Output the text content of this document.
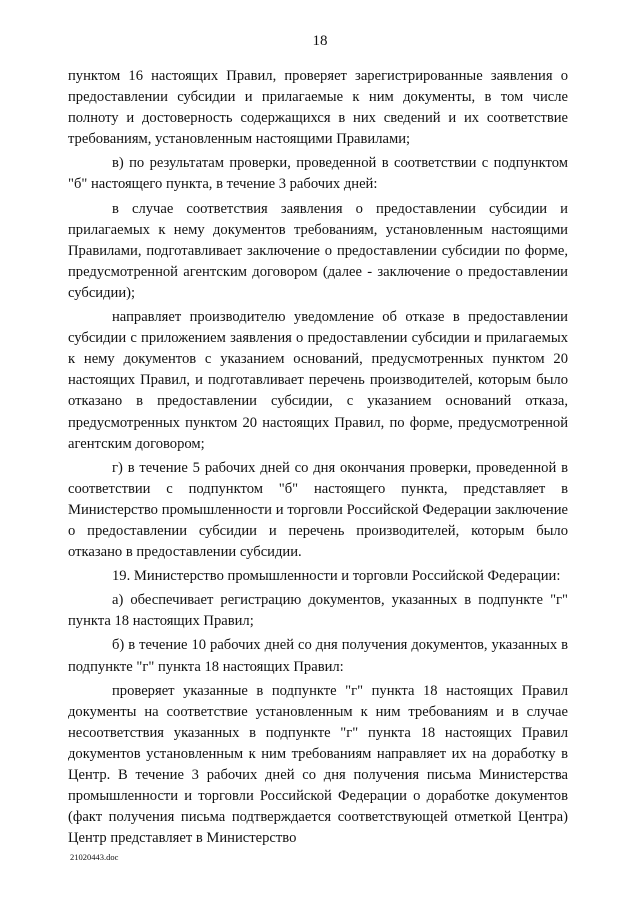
18

пунктом 16 настоящих Правил, проверяет зарегистрированные заявления о предоставлении субсидии и прилагаемые к ним документы, в том числе полноту и достоверность содержащихся в них сведений и их соответствие требованиям, установленным настоящими Правилами;

в) по результатам проверки, проведенной в соответствии с подпунктом "б" настоящего пункта, в течение 3 рабочих дней:

в случае соответствия заявления о предоставлении субсидии и прилагаемых к нему документов требованиям, установленным настоящими Правилами, подготавливает заключение о предоставлении субсидии по форме, предусмотренной агентским договором (далее - заключение о предоставлении субсидии);

направляет производителю уведомление об отказе в предоставлении субсидии с приложением заявления о предоставлении субсидии и прилагаемых к нему документов с указанием оснований, предусмотренных пунктом 20 настоящих Правил, и подготавливает перечень производителей, которым было отказано в предоставлении субсидии, с указанием оснований отказа, предусмотренных пунктом 20 настоящих Правил, по форме, предусмотренной агентским договором;

г) в течение 5 рабочих дней со дня окончания проверки, проведенной в соответствии с подпунктом "б" настоящего пункта, представляет в Министерство промышленности и торговли Российской Федерации заключение о предоставлении субсидии и перечень производителей, которым было отказано в предоставлении субсидии.

19. Министерство промышленности и торговли Российской Федерации:

а) обеспечивает регистрацию документов, указанных в подпункте "г" пункта 18 настоящих Правил;

б) в течение 10 рабочих дней со дня получения документов, указанных в подпункте "г" пункта 18 настоящих Правил:

проверяет указанные в подпункте "г" пункта 18 настоящих Правил документы на соответствие установленным к ним требованиям и в случае несоответствия указанных в подпункте "г" пункта 18 настоящих Правил документов установленным к ним требованиям направляет их на доработку в Центр. В течение 3 рабочих дней со дня получения письма Министерства промышленности и торговли Российской Федерации о доработке документов (факт получения письма подтверждается соответствующей отметкой Центра) Центр представляет в Министерство

21020443.doc
